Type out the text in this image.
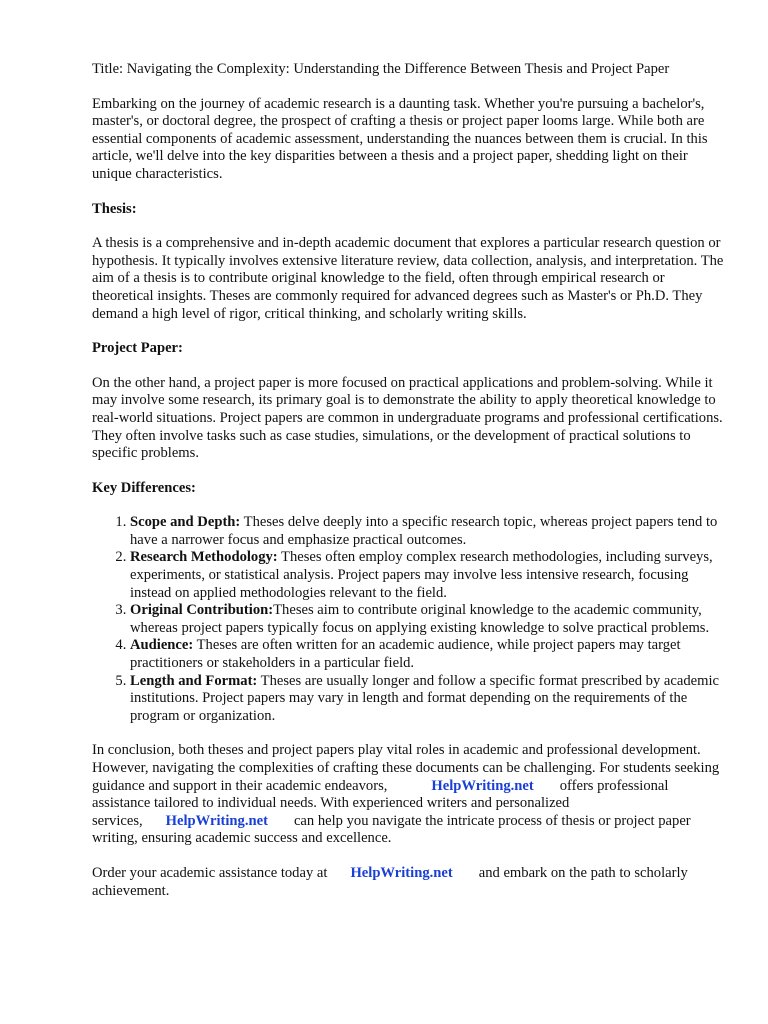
Title: Navigating the Complexity: Understanding the Difference Between Thesis and Project Paper

Embarking on the journey of academic research is a daunting task. Whether you're pursuing a bachelor's, master's, or doctoral degree, the prospect of crafting a thesis or project paper looms large. While both are essential components of academic assessment, understanding the nuances between them is crucial. In this article, we'll delve into the key disparities between a thesis and a project paper, shedding light on their unique characteristics.

Thesis:

A thesis is a comprehensive and in-depth academic document that explores a particular research question or hypothesis. It typically involves extensive literature review, data collection, analysis, and interpretation. The aim of a thesis is to contribute original knowledge to the field, often through empirical research or theoretical insights. Theses are commonly required for advanced degrees such as Master's or Ph.D. They demand a high level of rigor, critical thinking, and scholarly writing skills.

Project Paper:

On the other hand, a project paper is more focused on practical applications and problem-solving. While it may involve some research, its primary goal is to demonstrate the ability to apply theoretical knowledge to real-world situations. Project papers are common in undergraduate programs and professional certifications. They often involve tasks such as case studies, simulations, or the development of practical solutions to specific problems.

Key Differences:
1. Scope and Depth: Theses delve deeply into a specific research topic, whereas project papers tend to have a narrower focus and emphasize practical outcomes.
2. Research Methodology: Theses often employ complex research methodologies, including surveys, experiments, or statistical analysis. Project papers may involve less intensive research, focusing instead on applied methodologies relevant to the field.
3. Original Contribution:Theses aim to contribute original knowledge to the academic community, whereas project papers typically focus on applying existing knowledge to solve practical problems.
4. Audience: Theses are often written for an academic audience, while project papers may target practitioners or stakeholders in a particular field.
5. Length and Format: Theses are usually longer and follow a specific format prescribed by academic institutions. Project papers may vary in length and format depending on the requirements of the program or organization.

In conclusion, both theses and project papers play vital roles in academic and professional development. However, navigating the complexities of crafting these documents can be challenging. For students seeking guidance and support in their academic endeavors,	HelpWriting.net offers professional assistance tailored to individual needs. With experienced writers and personalized services, HelpWriting.net can help you navigate the intricate process of thesis or project paper writing, ensuring academic success and excellence.

Order your academic assistance today at HelpWriting.net and embark on the path to scholarly achievement.
